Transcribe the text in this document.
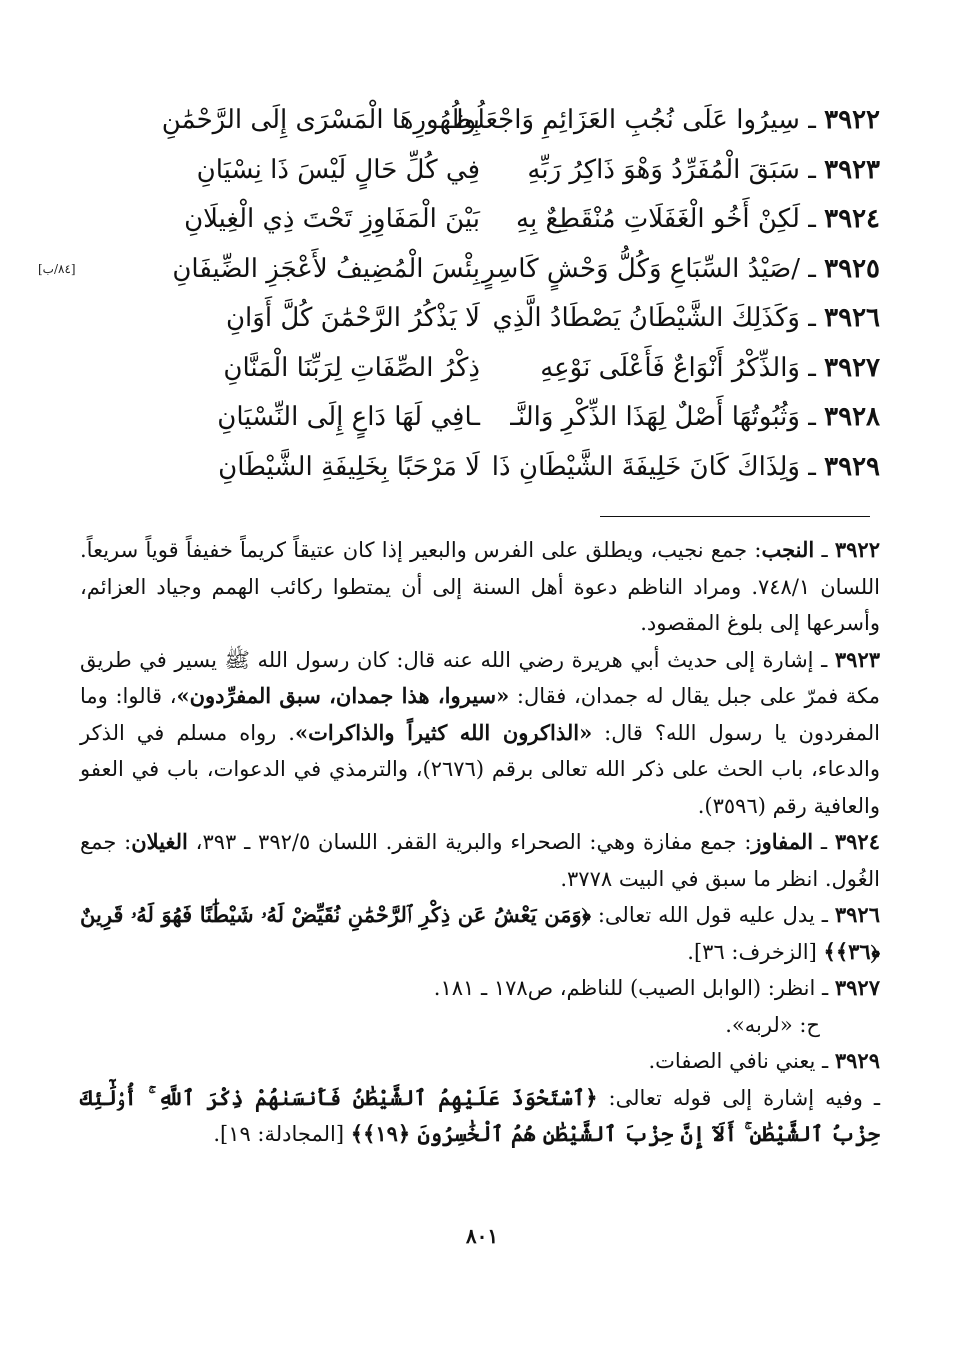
٣٩٢٢ ـ سِيرُوا عَلَى نُجُبِ العَزَائِمِ وَاجْعَلُوا
بِظُهُورِهَا الْمَسْرَى إِلَى الرَّحْمَٰنِ
٣٩٢٣ ـ سَبَقَ الْمُفَرِّدُ وَهْوَ ذَاكِرُ رَبِّهِ
فِي كُلِّ حَالٍ لَيْسَ ذَا نِسْيَانِ
٣٩٢٤ ـ لَكِنْ أَخُو الْغَفَلَاتِ مُنْقَطِعٌ بِهِ
بَيْنَ الْمَفَاوِزِ تَحْتَ ذِي الْغِيلَانِ
٣٩٢٥ ـ /صَيْدُ السِّبَاعِ وَكُلُّ وَحْشٍ كَاسِرٍ
بِئْسَ الْمُضِيفُ لأَعْجَزِ الضِّيفَانِ
[٨٤/ب]
٣٩٢٦ ـ وَكَذَلِكَ الشَّيْطَانُ يَصْطَادُ الَّذِي
لَا يَذْكُرُ الرَّحْمَٰنَ كُلَّ أَوَانِ
٣٩٢٧ ـ وَالذِّكْرُ أَنْوَاعٌ فَأَعْلَى نَوْعِهِ
ذِكْرُ الصِّفَاتِ لِرَبِّنَا الْمَنَّانِ
٣٩٢٨ ـ وَثُبُوتُهَا أَصْلٌ لِهَذَا الذِّكْرِ وَالنَّـ
ـافِي لَهَا دَاعٍ إِلَى النِّسْيَانِ
٣٩٢٩ ـ وَلِذَاكَ كَانَ خَلِيفَةَ الشَّيْطَانِ ذَا
لَا مَرْحَبًا بِخَلِيفَةِ الشَّيْطَانِ

٣٩٢٢ ـ النجب: جمع نجيب، ويطلق على الفرس والبعير إذا كان عتيقاً كريماً خفيفاً قوياً سريعاً. اللسان ٧٤٨/١. ومراد الناظم دعوة أهل السنة إلى أن يمتطوا ركائب الهمم وجياد العزائم، وأسرعها إلى بلوغ المقصود.

٣٩٢٣ ـ إشارة إلى حديث أبي هريرة رضي الله عنه قال: كان رسول الله ﷺ يسير في طريق مكة فمرّ على جبل يقال له جمدان، فقال: «سيروا، هذا جمدان، سبق المفرِّدون»، قالوا: وما المفردون يا رسول الله؟ قال: «الذاكرون الله كثيراً والذاكرات». رواه مسلم في الذكر والدعاء، باب الحث على ذكر الله تعالى برقم (٢٦٧٦)، والترمذي في الدعوات، باب في العفو والعافية رقم (٣٥٩٦).

٣٩٢٤ ـ المفاوز: جمع مفازة وهي: الصحراء والبرية القفر. اللسان ٣٩٢/٥ ـ ٣٩٣، الغيلان: جمع الغُول. انظر ما سبق في البيت ٣٧٧٨.

٣٩٢٦ ـ يدل عليه قول الله تعالى: ﴿وَمَن يَعْشُ عَن ذِكْرِ ٱلرَّحْمَٰنِ نُقَيِّضْ لَهُۥ شَيْطَٰنًا فَهُوَ لَهُۥ قَرِينٌ ﴿٣٦﴾﴾ [الزخرف: ٣٦].

٣٩٢٧ ـ انظر: (الوابل الصيب) للناظم، ص١٧٨ ـ ١٨١.

ح: «لربه».

٣٩٢٩ ـ يعني نافي الصفات.

ـ وفيه إشارة إلى قوله تعالى: ﴿ٱسْتَحْوَذَ عَلَيْهِمُ ٱلشَّيْطَٰنُ فَأَنسَىٰهُمْ ذِكْرَ ٱللَّهِ ۚ أُو۟لَٰٓئِكَ حِزْبُ ٱلشَّيْطَٰنِ ۚ أَلَآ إِنَّ حِزْبَ ٱلشَّيْطَٰنِ هُمُ ٱلْخَٰسِرُونَ ﴿١٩﴾﴾ [المجادلة: ١٩].

٨٠١
